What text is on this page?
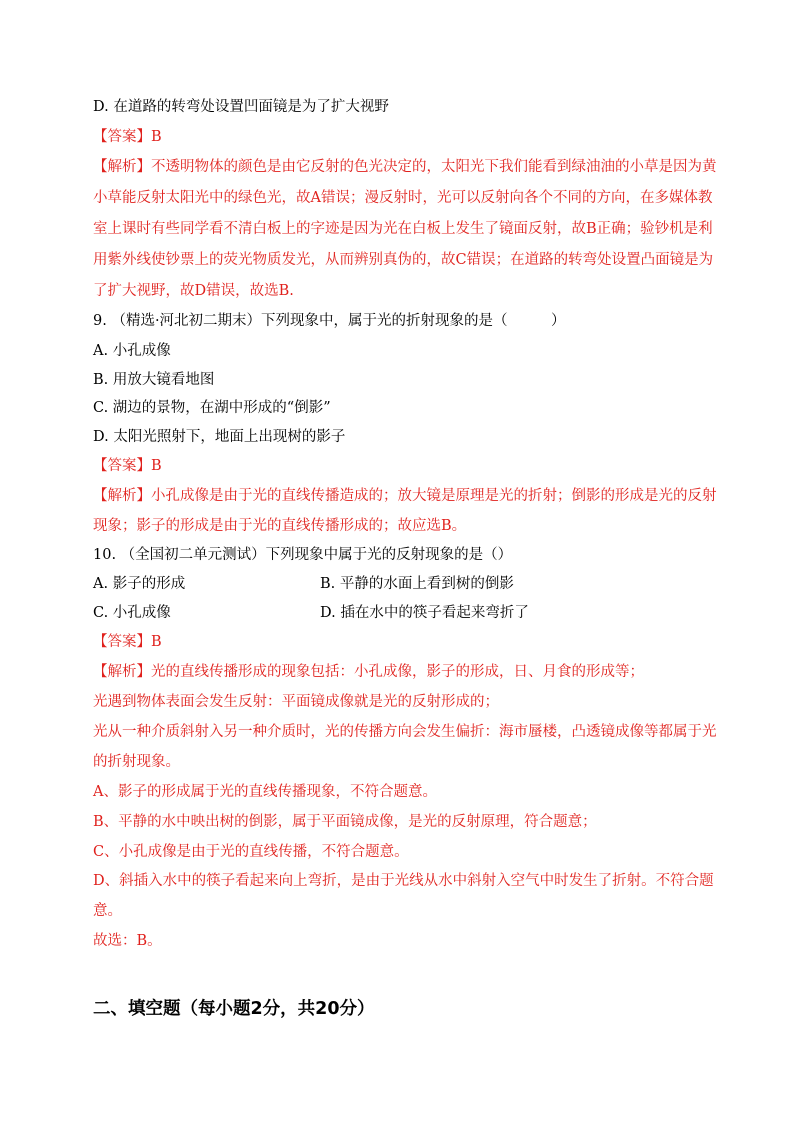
D. 在道路的转弯处设置凹面镜是为了扩大视野
【答案】B
【解析】不透明物体的颜色是由它反射的色光决定的，太阳光下我们能看到绿油油的小草是因为黄
小草能反射太阳光中的绿色光，故A错误；漫反射时，光可以反射向各个不同的方向，在多媒体教
室上课时有些同学看不清白板上的字迹是因为光在白板上发生了镜面反射，故B正确；验钞机是利
用紫外线使钞票上的荧光物质发光，从而辨别真伪的，故C错误；在道路的转弯处设置凸面镜是为
了扩大视野，故D错误，故选B.
9. （精选·河北初二期末）下列现象中，属于光的折射现象的是（　　　）
A. 小孔成像
B. 用放大镜看地图
C. 湖边的景物，在湖中形成的“倒影”
D. 太阳光照射下，地面上出现树的影子
【答案】B
【解析】小孔成像是由于光的直线传播造成的；放大镜是原理是光的折射；倒影的形成是光的反射
现象；影子的形成是由于光的直线传播形成的；故应选B。
10. （全国初二单元测试）下列现象中属于光的反射现象的是（）
A. 影子的形成	B. 平静的水面上看到树的倒影
C. 小孔成像	D. 插在水中的筷子看起来弯折了
【答案】B
【解析】光的直线传播形成的现象包括：小孔成像，影子的形成，日、月食的形成等；
光遇到物体表面会发生反射：平面镜成像就是光的反射形成的；
光从一种介质斜射入另一种介质时，光的传播方向会发生偏折：海市蜃楼，凸透镜成像等都属于光
的折射现象。
A、影子的形成属于光的直线传播现象，不符合题意。
B、平静的水中映出树的倒影，属于平面镜成像，是光的反射原理，符合题意；
C、小孔成像是由于光的直线传播，不符合题意。
D、斜插入水中的筷子看起来向上弯折，是由于光线从水中斜射入空气中时发生了折射。不符合题
意。
故选：B。
二、填空题（每小题2分，共20分）
